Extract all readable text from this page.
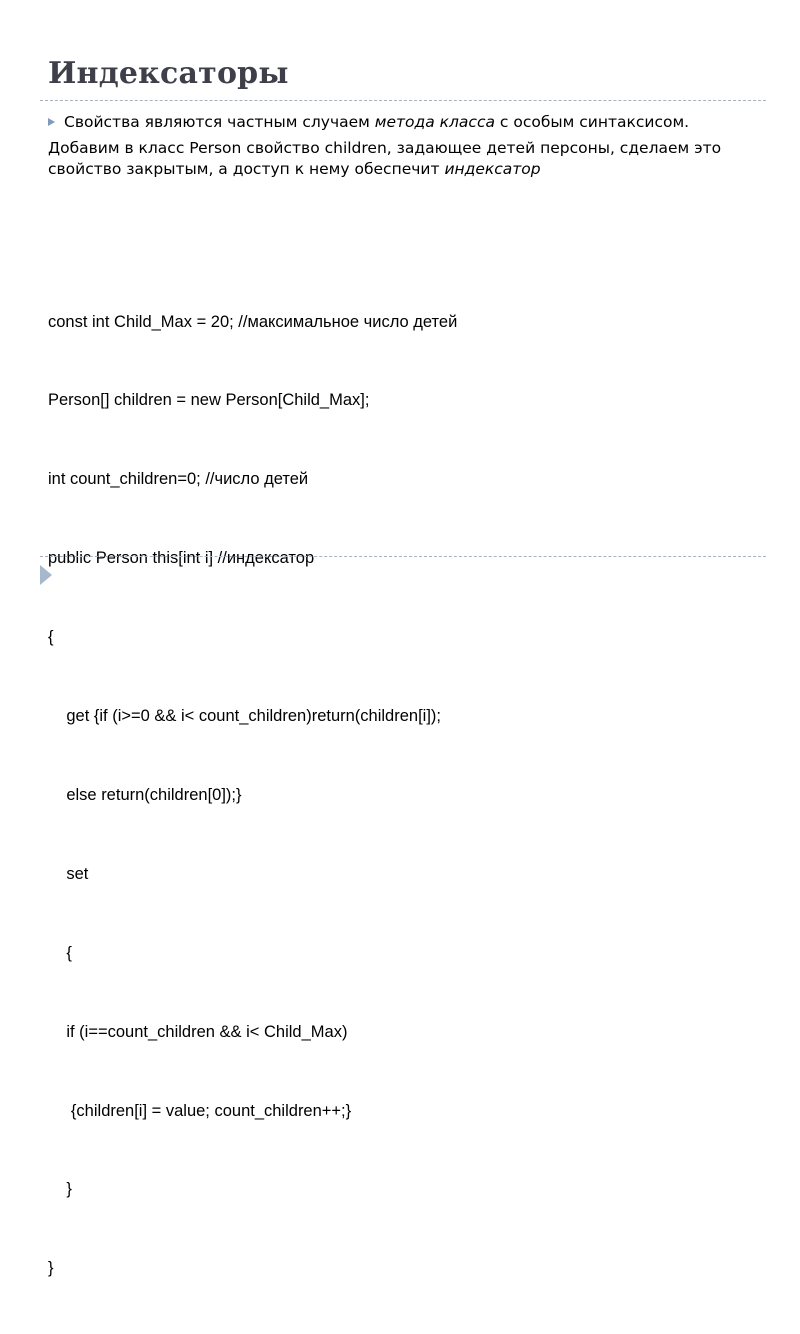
Индексаторы
Свойства являются частным случаем метода класса с особым синтаксисом.
Добавим в класс Person свойство children, задающее детей персоны, сделаем это свойство закрытым, а доступ к нему обеспечит индексатор

const int Child_Max = 20; //максимальное число детей

Person[] children = new Person[Child_Max];

int count_children=0; //число детей

public Person this[int i] //индексатор

{

get {if (i>=0 && i< count_children)return(children[i]);

else return(children[0]);}

set

{

if (i==count_children && i< Child_Max)

{children[i] = value; count_children++;}

}

}
